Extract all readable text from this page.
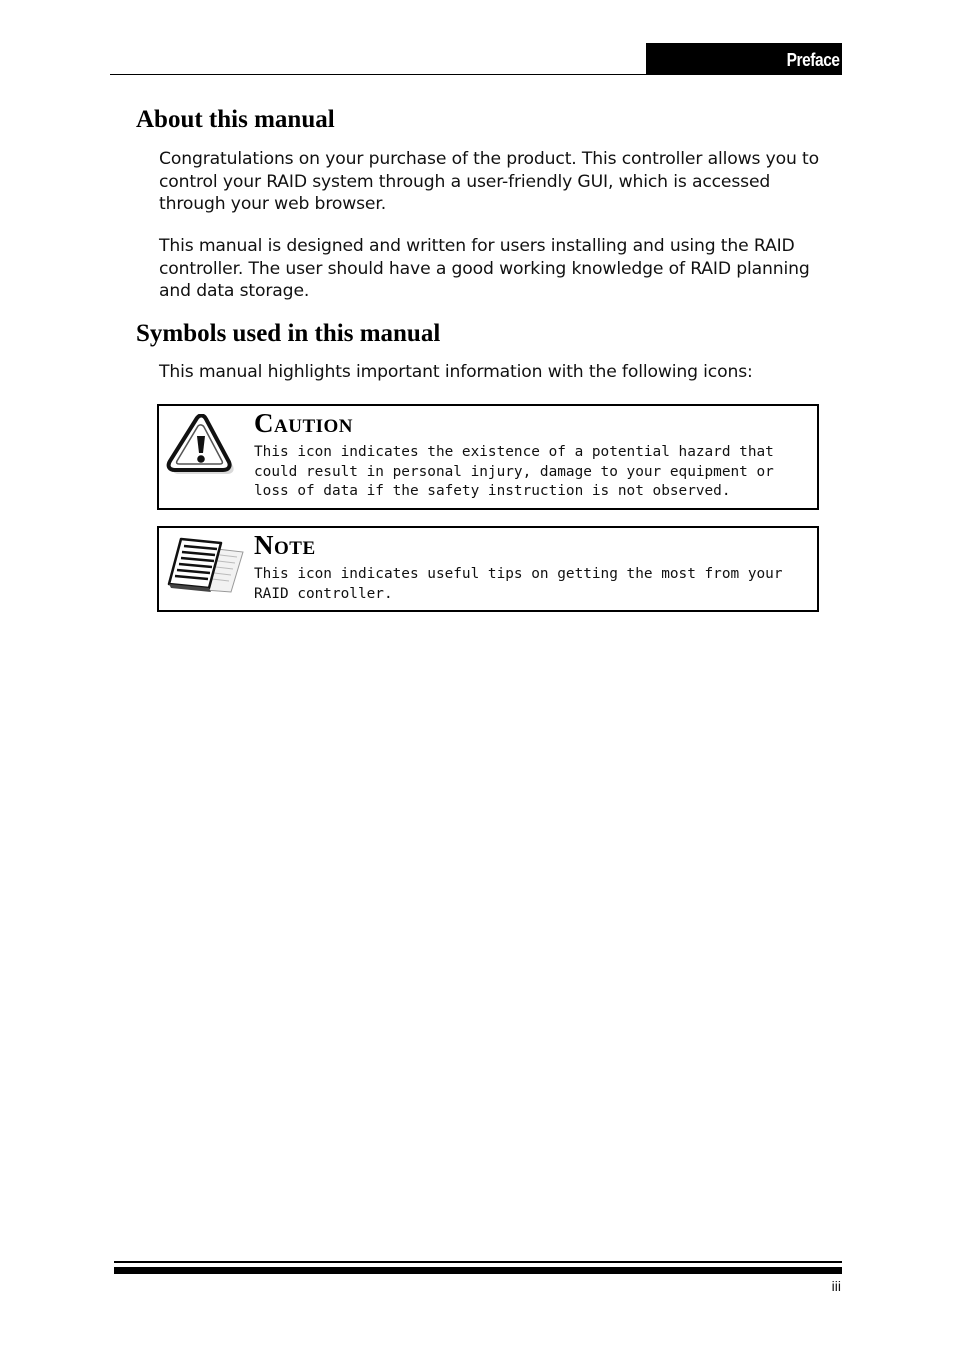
Preface
About this manual

Congratulations on your purchase of the product. This controller allows you to control your RAID system through a user-friendly GUI, which is accessed through your web browser.

This manual is designed and written for users installing and using the RAID controller. The user should have a good working knowledge of RAID planning and data storage.

Symbols used in this manual

This manual highlights important information with the following icons:

Caution
This icon indicates the existence of a potential hazard that could result in personal injury, damage to your equipment or loss of data if the safety instruction is not observed.
Note
This icon indicates useful tips on getting the most from your RAID controller.
iii
